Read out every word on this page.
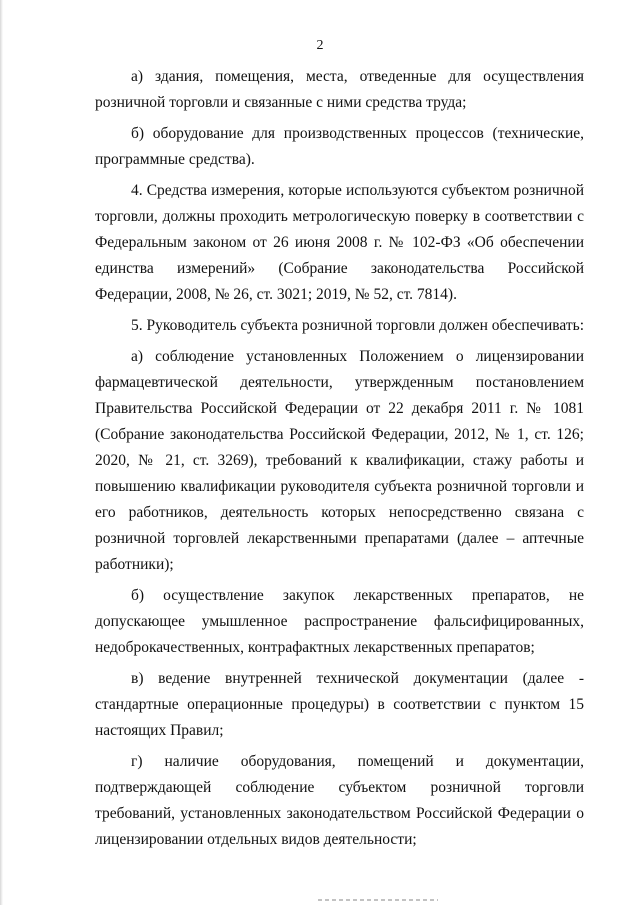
2

а) здания, помещения, места, отведенные для осуществления розничной торговли и связанные с ними средства труда;

б) оборудование для производственных процессов (технические, программные средства).

4. Средства измерения, которые используются субъектом розничной торговли, должны проходить метрологическую поверку в соответствии с Федеральным законом от 26 июня 2008 г. № 102-ФЗ «Об обеспечении единства измерений» (Собрание законодательства Российской Федерации, 2008, № 26, ст. 3021; 2019, № 52, ст. 7814).

5. Руководитель субъекта розничной торговли должен обеспечивать:

а) соблюдение установленных Положением о лицензировании фармацевтической деятельности, утвержденным постановлением Правительства Российской Федерации от 22 декабря 2011 г. № 1081 (Собрание законодательства Российской Федерации, 2012, № 1, ст. 126; 2020, № 21, ст. 3269), требований к квалификации, стажу работы и повышению квалификации руководителя субъекта розничной торговли и его работников, деятельность которых непосредственно связана с розничной торговлей лекарственными препаратами (далее – аптечные работники);

б) осуществление закупок лекарственных препаратов, не допускающее умышленное распространение фальсифицированных, недоброкачественных, контрафактных лекарственных препаратов;

в) ведение внутренней технической документации (далее - стандартные операционные процедуры) в соответствии с пунктом 15 настоящих Правил;

г) наличие оборудования, помещений и документации, подтверждающей соблюдение субъектом розничной торговли требований, установленных законодательством Российской Федерации о лицензировании отдельных видов деятельности;
